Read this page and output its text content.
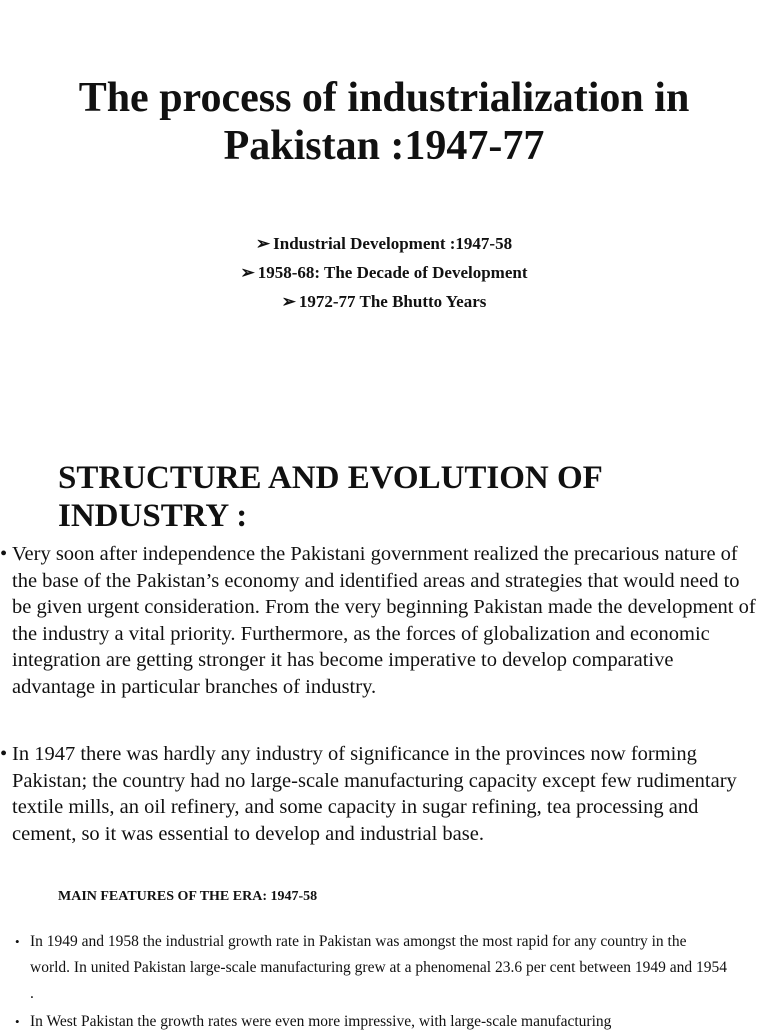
The process of industrialization in Pakistan :1947-77
➢ Industrial Development :1947-58
➢ 1958-68: The Decade of Development
➢ 1972-77 The Bhutto Years
STRUCTURE AND EVOLUTION OF INDUSTRY :
• Very soon after independence the Pakistani government realized the precarious nature of the base of the Pakistan’s economy and identified areas and strategies that would need to be given urgent consideration. From the very beginning Pakistan made the development of the industry a vital priority. Furthermore, as the forces of globalization and economic integration are getting stronger it has become imperative to develop comparative advantage in particular branches of industry.
• In 1947 there was hardly any industry of significance in the provinces now forming Pakistan; the country had no large-scale manufacturing capacity except few rudimentary textile mills, an oil refinery, and some capacity in sugar refining, tea processing and cement, so it was essential to develop and industrial base.
MAIN FEATURES OF THE ERA: 1947-58
• In 1949 and 1958 the industrial growth rate in Pakistan was amongst the most rapid for any country in the world. In united Pakistan large-scale manufacturing grew at a phenomenal 23.6 per cent between 1949 and 1954 .
• In West Pakistan the growth rates were even more impressive, with large-scale manufacturing
